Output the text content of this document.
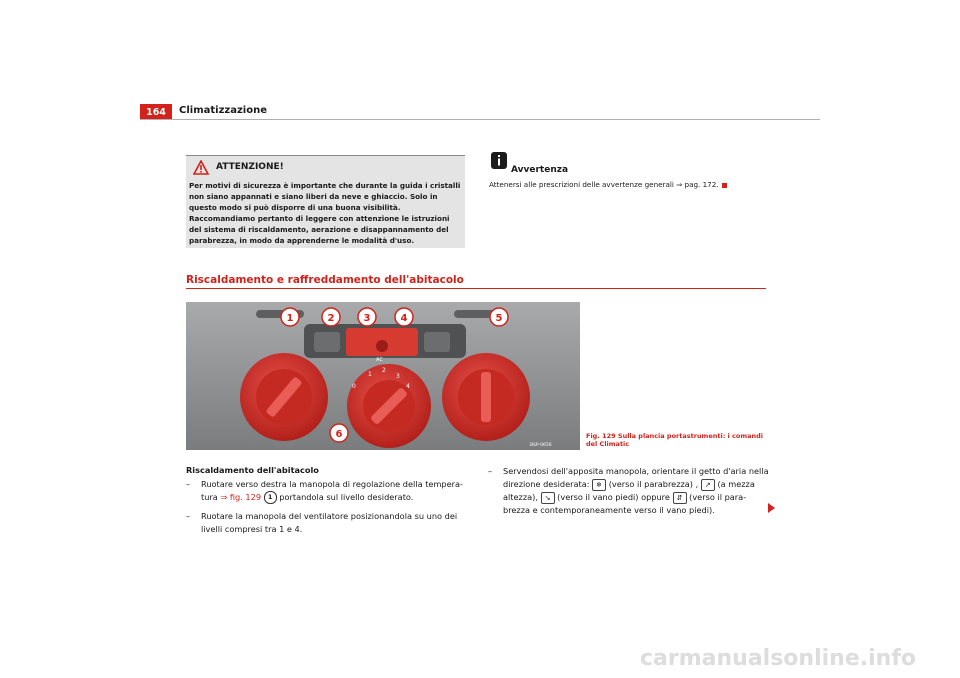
164	Climatizzazione
ATTENZIONE!
Per motivi di sicurezza è importante che durante la guida i cristalli non siano appannati e siano liberi da neve e ghiaccio. Solo in questo modo si può disporre di una buona visibilità. Raccomandiamo pertanto di leggere con attenzione le istruzioni del sistema di riscaldamento, aerazione e disappannamento del parabrezza, in modo da apprenderne le modalità d'uso.
Avvertenza
Attenersi alle prescrizioni delle avvertenze generali ⇒ pag. 172.
Riscaldamento e raffreddamento dell'abitacolo
AC
0
1
2
3
4
1	2	3	4	5
6
BSP-0656
Fig. 129 Sulla plancia portastrumenti: i comandi del Climatic
Riscaldamento dell'abitacolo
– Ruotare verso destra la manopola di regolazione della tempera-tura ⇒ fig. 129 1 portandola sul livello desiderato.
– Ruotare la manopola del ventilatore posizionandola su uno dei livelli compresi tra 1 e 4.
– Servendosi dell'apposita manopola, orientare il getto d'aria nella direzione desiderata: ❄ (verso il parabrezza) , ↗ (a mezza altezza), ↘ (verso il vano piedi) oppure ⇵ (verso il para-brezza e contemporaneamente verso il vano piedi).
carmanualsonline.info
